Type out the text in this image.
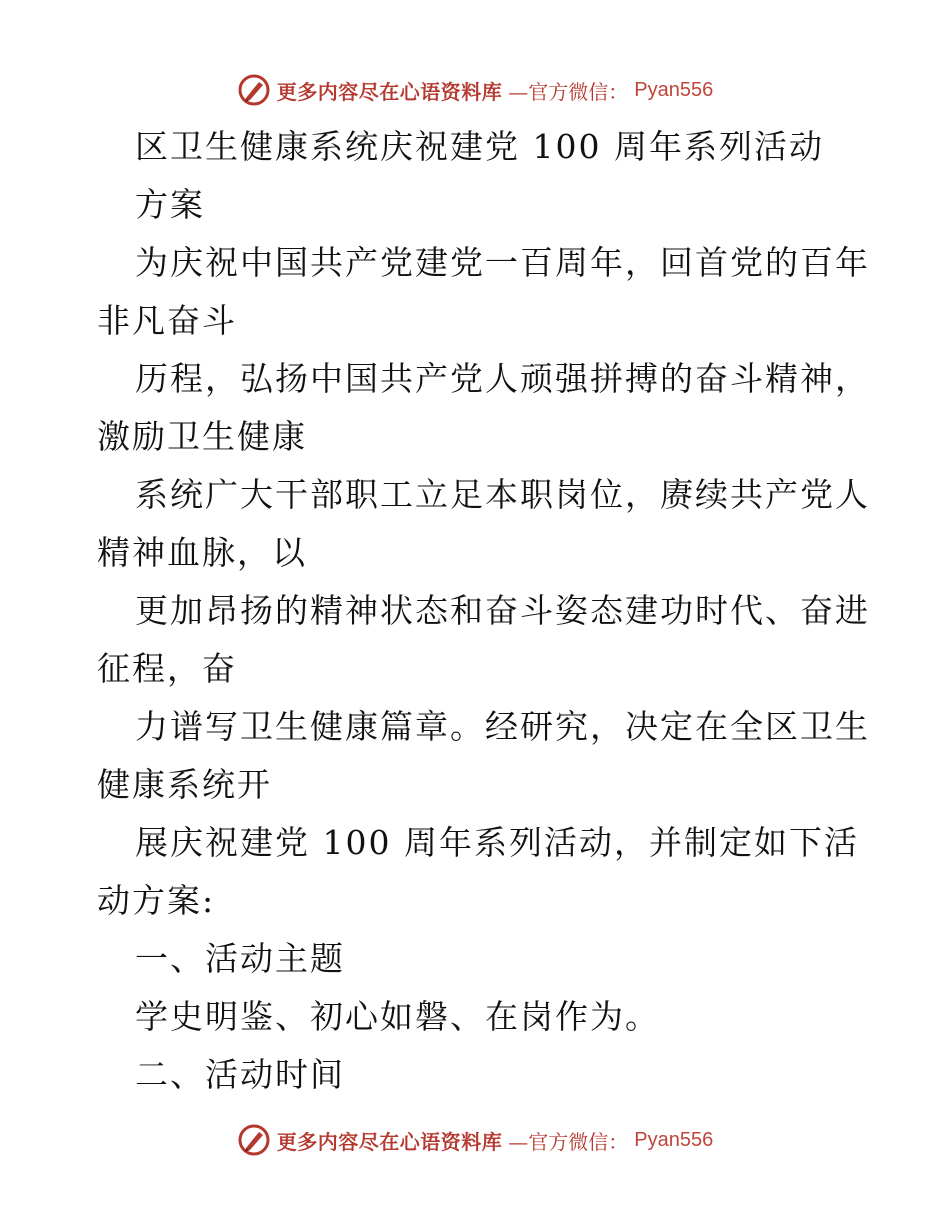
更多内容尽在心语资料库 —官方微信： Pyan556
区卫生健康系统庆祝建党 100 周年系列活动
方案
为庆祝中国共产党建党一百周年，回首党的百年
非凡奋斗
历程，弘扬中国共产党人顽强拼搏的奋斗精神，
激励卫生健康
系统广大干部职工立足本职岗位，赓续共产党人
精神血脉，以
更加昂扬的精神状态和奋斗姿态建功时代、奋进
征程，奋
力谱写卫生健康篇章。经研究，决定在全区卫生
健康系统开
展庆祝建党 100 周年系列活动，并制定如下活
动方案:
一、活动主题
学史明鉴、初心如磐、在岗作为。
二、活动时间
更多内容尽在心语资料库 —官方微信： Pyan556
